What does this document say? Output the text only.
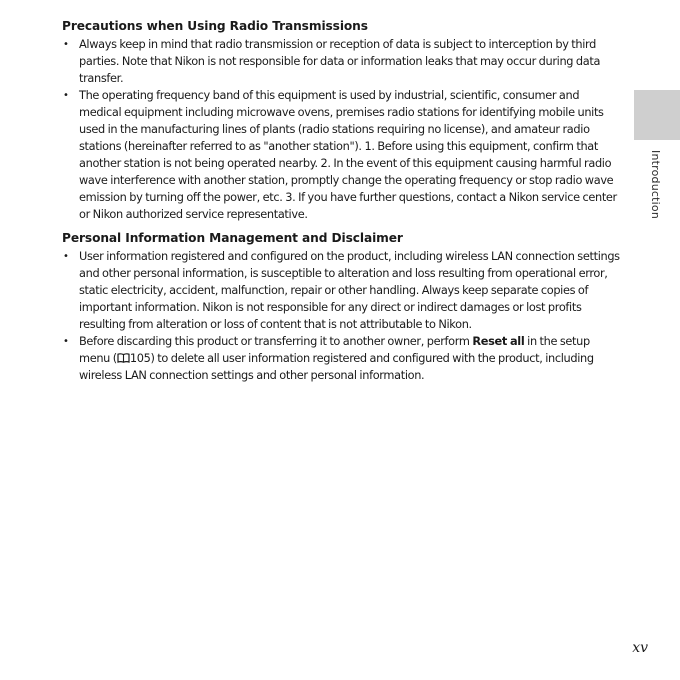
Precautions when Using Radio Transmissions
• Always keep in mind that radio transmission or reception of data is subject to interception by third parties. Note that Nikon is not responsible for data or information leaks that may occur during data transfer.
• The operating frequency band of this equipment is used by industrial, scientific, consumer and medical equipment including microwave ovens, premises radio stations for identifying mobile units used in the manufacturing lines of plants (radio stations requiring no license), and amateur radio stations (hereinafter referred to as "another station"). 1. Before using this equipment, confirm that another station is not being operated nearby. 2. In the event of this equipment causing harmful radio wave interference with another station, promptly change the operating frequency or stop radio wave emission by turning off the power, etc. 3. If you have further questions, contact a Nikon service center or Nikon authorized service representative.
Personal Information Management and Disclaimer
• User information registered and configured on the product, including wireless LAN connection settings and other personal information, is susceptible to alteration and loss resulting from operational error, static electricity, accident, malfunction, repair or other handling. Always keep separate copies of important information. Nikon is not responsible for any direct or indirect damages or lost profits resulting from alteration or loss of content that is not attributable to Nikon.
• Before discarding this product or transferring it to another owner, perform Reset all in the setup menu ( 105) to delete all user information registered and configured with the product, including wireless LAN connection settings and other personal information.
Introduction
xv
